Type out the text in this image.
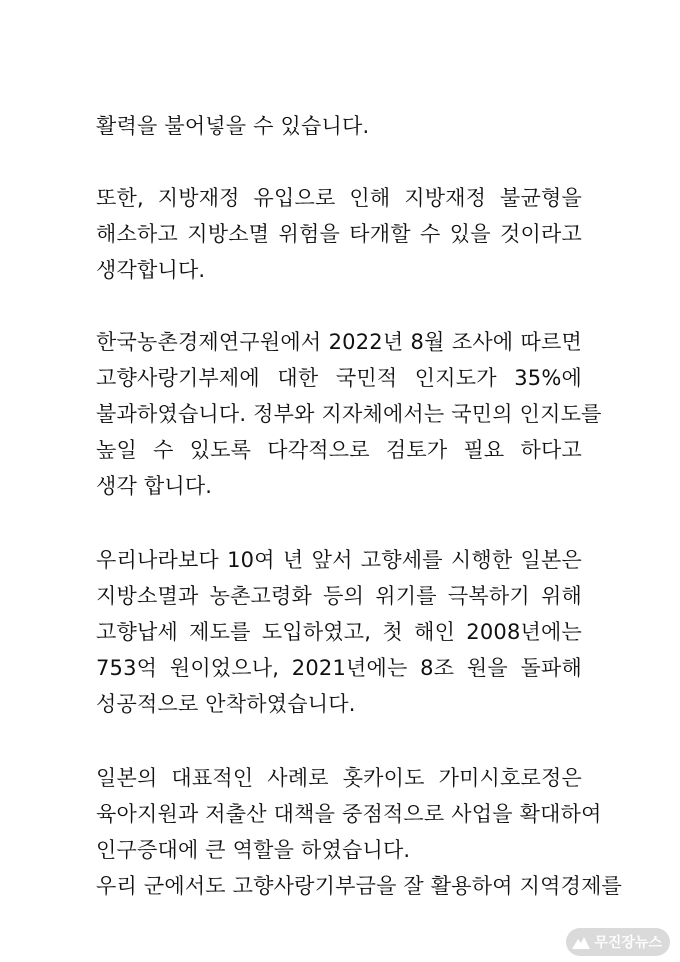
활력을 불어넣을 수 있습니다.
또한, 지방재정 유입으로 인해 지방재정 불균형을
해소하고 지방소멸 위험을 타개할 수 있을 것이라고
생각합니다.
한국농촌경제연구원에서 2022년 8월 조사에 따르면
고향사랑기부제에 대한 국민적 인지도가 35%에
불과하였습니다. 정부와 지자체에서는 국민의 인지도를
높일 수 있도록 다각적으로 검토가 필요 하다고
생각 합니다.
우리나라보다 10여 년 앞서 고향세를 시행한 일본은
지방소멸과 농촌고령화 등의 위기를 극복하기 위해
고향납세 제도를 도입하였고, 첫 해인 2008년에는
753억 원이었으나, 2021년에는 8조 원을 돌파해
성공적으로 안착하였습니다.
일본의 대표적인 사례로 홋카이도 가미시호로정은
육아지원과 저출산 대책을 중점적으로 사업을 확대하여
인구증대에 큰 역할을 하였습니다.
우리 군에서도 고향사랑기부금을 잘 활용하여 지역경제를
무진장뉴스
